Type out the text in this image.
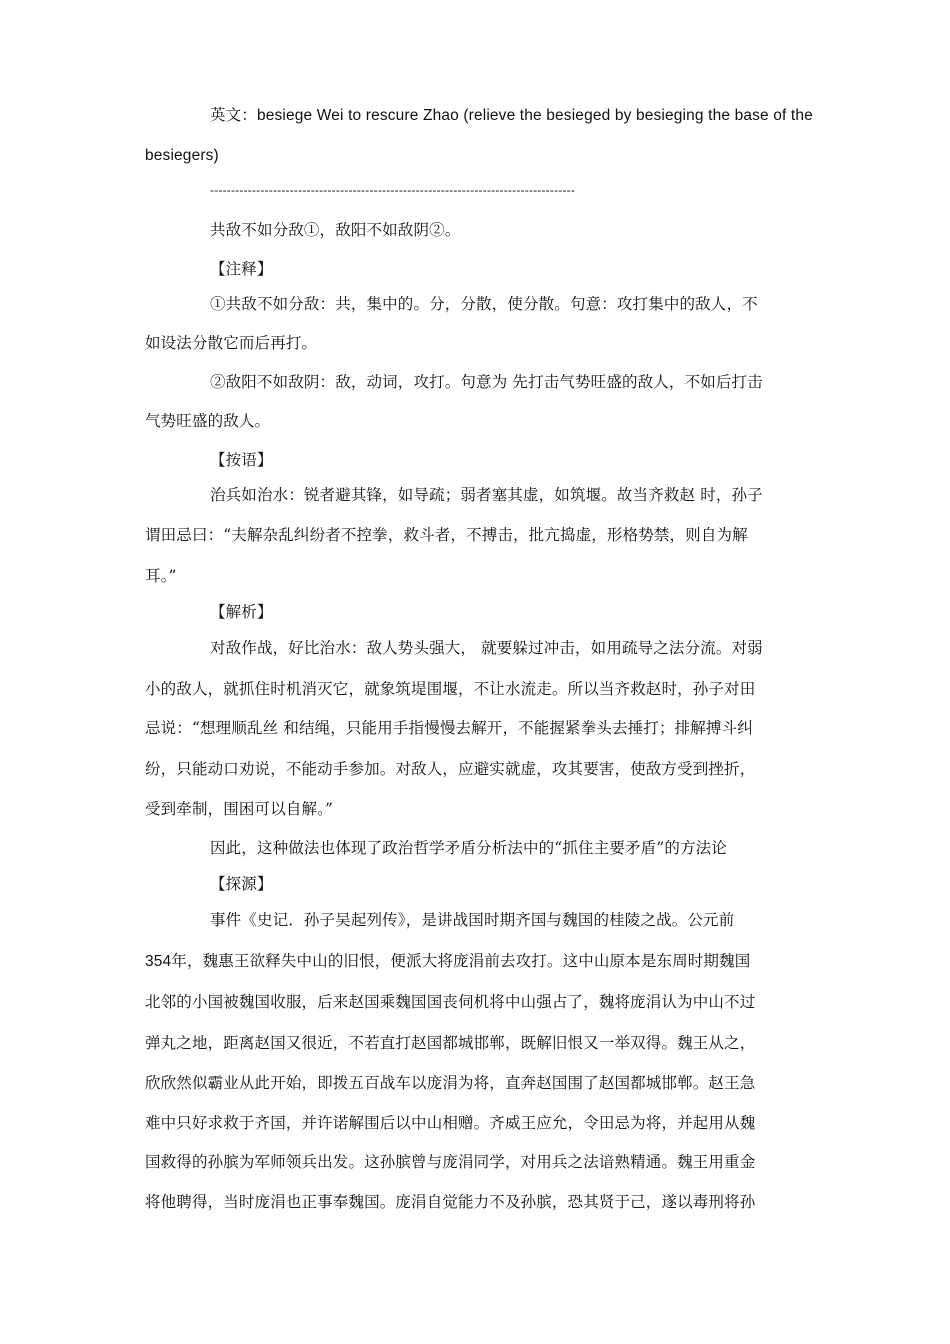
英文：besiege Wei to rescure Zhao (relieve the besieged by besieging the base of the
besiegers)
---------------------------------------------------------------------------------------
共敌不如分敌①，敌阳不如敌阴②。
【注释】
①共敌不如分敌：共，集中的。分，分散，使分散。句意：攻打集中的敌人，不
如设法分散它而后再打。
②敌阳不如敌阴：敌，动词，攻打。句意为 先打击气势旺盛的敌人，不如后打击
气势旺盛的敌人。
【按语】
治兵如治水：锐者避其锋，如导疏；弱者塞其虚，如筑堰。故当齐救赵 时，孙子
谓田忌曰：“夫解杂乱纠纷者不控拳，救斗者，不搏击，批亢捣虚，形格势禁，则自为解
耳。”
【解析】
对敌作战，好比治水：敌人势头强大， 就要躲过冲击，如用疏导之法分流。对弱
小的敌人，就抓住时机消灭它，就象筑堤围堰，不让水流走。所以当齐救赵时，孙子对田
忌说：“想理顺乱丝 和结绳，只能用手指慢慢去解开，不能握紧拳头去捶打；排解搏斗纠
纷，只能动口劝说，不能动手参加。对敌人，应避实就虚，攻其要害，使敌方受到挫折，
受到牵制，围困可以自解。”
因此，这种做法也体现了政治哲学矛盾分析法中的“抓住主要矛盾”的方法论
【探源】
事件《史记．孙子吴起列传》，是讲战国时期齐国与魏国的桂陵之战。公元前
354年，魏惠王欲释失中山的旧恨，便派大将庞涓前去攻打。这中山原本是东周时期魏国
北邻的小国被魏国收服，后来赵国乘魏国国丧伺机将中山强占了，魏将庞涓认为中山不过
弹丸之地，距离赵国又很近，不若直打赵国都城邯郸，既解旧恨又一举双得。魏王从之，
欣欣然似霸业从此开始，即拨五百战车以庞涓为将，直奔赵国围了赵国都城邯郸。赵王急
难中只好求救于齐国，并许诺解围后以中山相赠。齐威王应允，令田忌为将，并起用从魏
国救得的孙膑为军师领兵出发。这孙膑曾与庞涓同学，对用兵之法谙熟精通。魏王用重金
将他聘得，当时庞涓也正事奉魏国。庞涓自觉能力不及孙膑，恐其贤于己，遂以毒刑将孙
